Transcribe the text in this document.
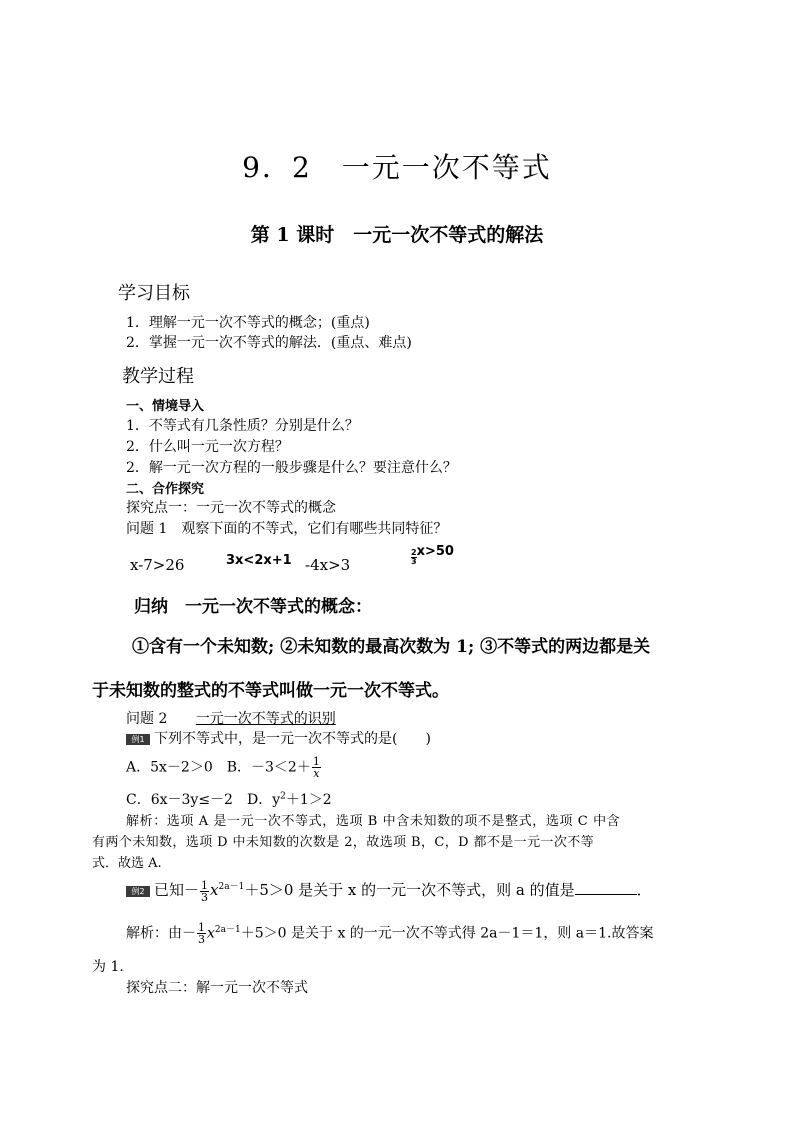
9．2　一元一次不等式
第 1 课时　一元一次不等式的解法
学习目标
1．理解一元一次不等式的概念；(重点)
2．掌握一元一次不等式的解法．(重点、难点)
教学过程
一、情境导入
1．不等式有几条性质？分别是什么？
2．什么叫一元一次方程？
2．解一元一次方程的一般步骤是什么？要注意什么？
二、合作探究
探究点一：一元一次不等式的概念
问题 1　观察下面的不等式，它们有哪些共同特征？
x-7>26	3x<2x+1 -4x>3	$\frac{2}{3} x>50$
归纳　一元一次不等式的概念：
①含有一个未知数; ②未知数的最高次数为 1; ③不等式的两边都是关
于未知数的整式的不等式叫做一元一次不等式。
问题 2 一元一次不等式的识别
例1 下列不等式中，是一元一次不等式的是(　　)
A．5x－2＞0　B．$-3<2+ \frac{1}{x}$
C．6x－3y≤－2　D．$y^2+1>2$
解析：选项 A 是一元一次不等式，选项 B 中含未知数的项不是整式，选项 C 中含
有两个未知数，选项 D 中未知数的次数是 2，故选项 B，C，D 都不是一元一次不等
式．故选 A.
例2 已知－ $\frac{1}{3} x^{2a-1}+5>0$ 是关于 x 的一元一次不等式，则 a 的值是	．
解析：由－ $\frac{1}{3} x^{2a-1}+5>0$ 是关于 x 的一元一次不等式得 2a－1＝1，则 a＝1.故答案
为 1.
探究点二：解一元一次不等式
